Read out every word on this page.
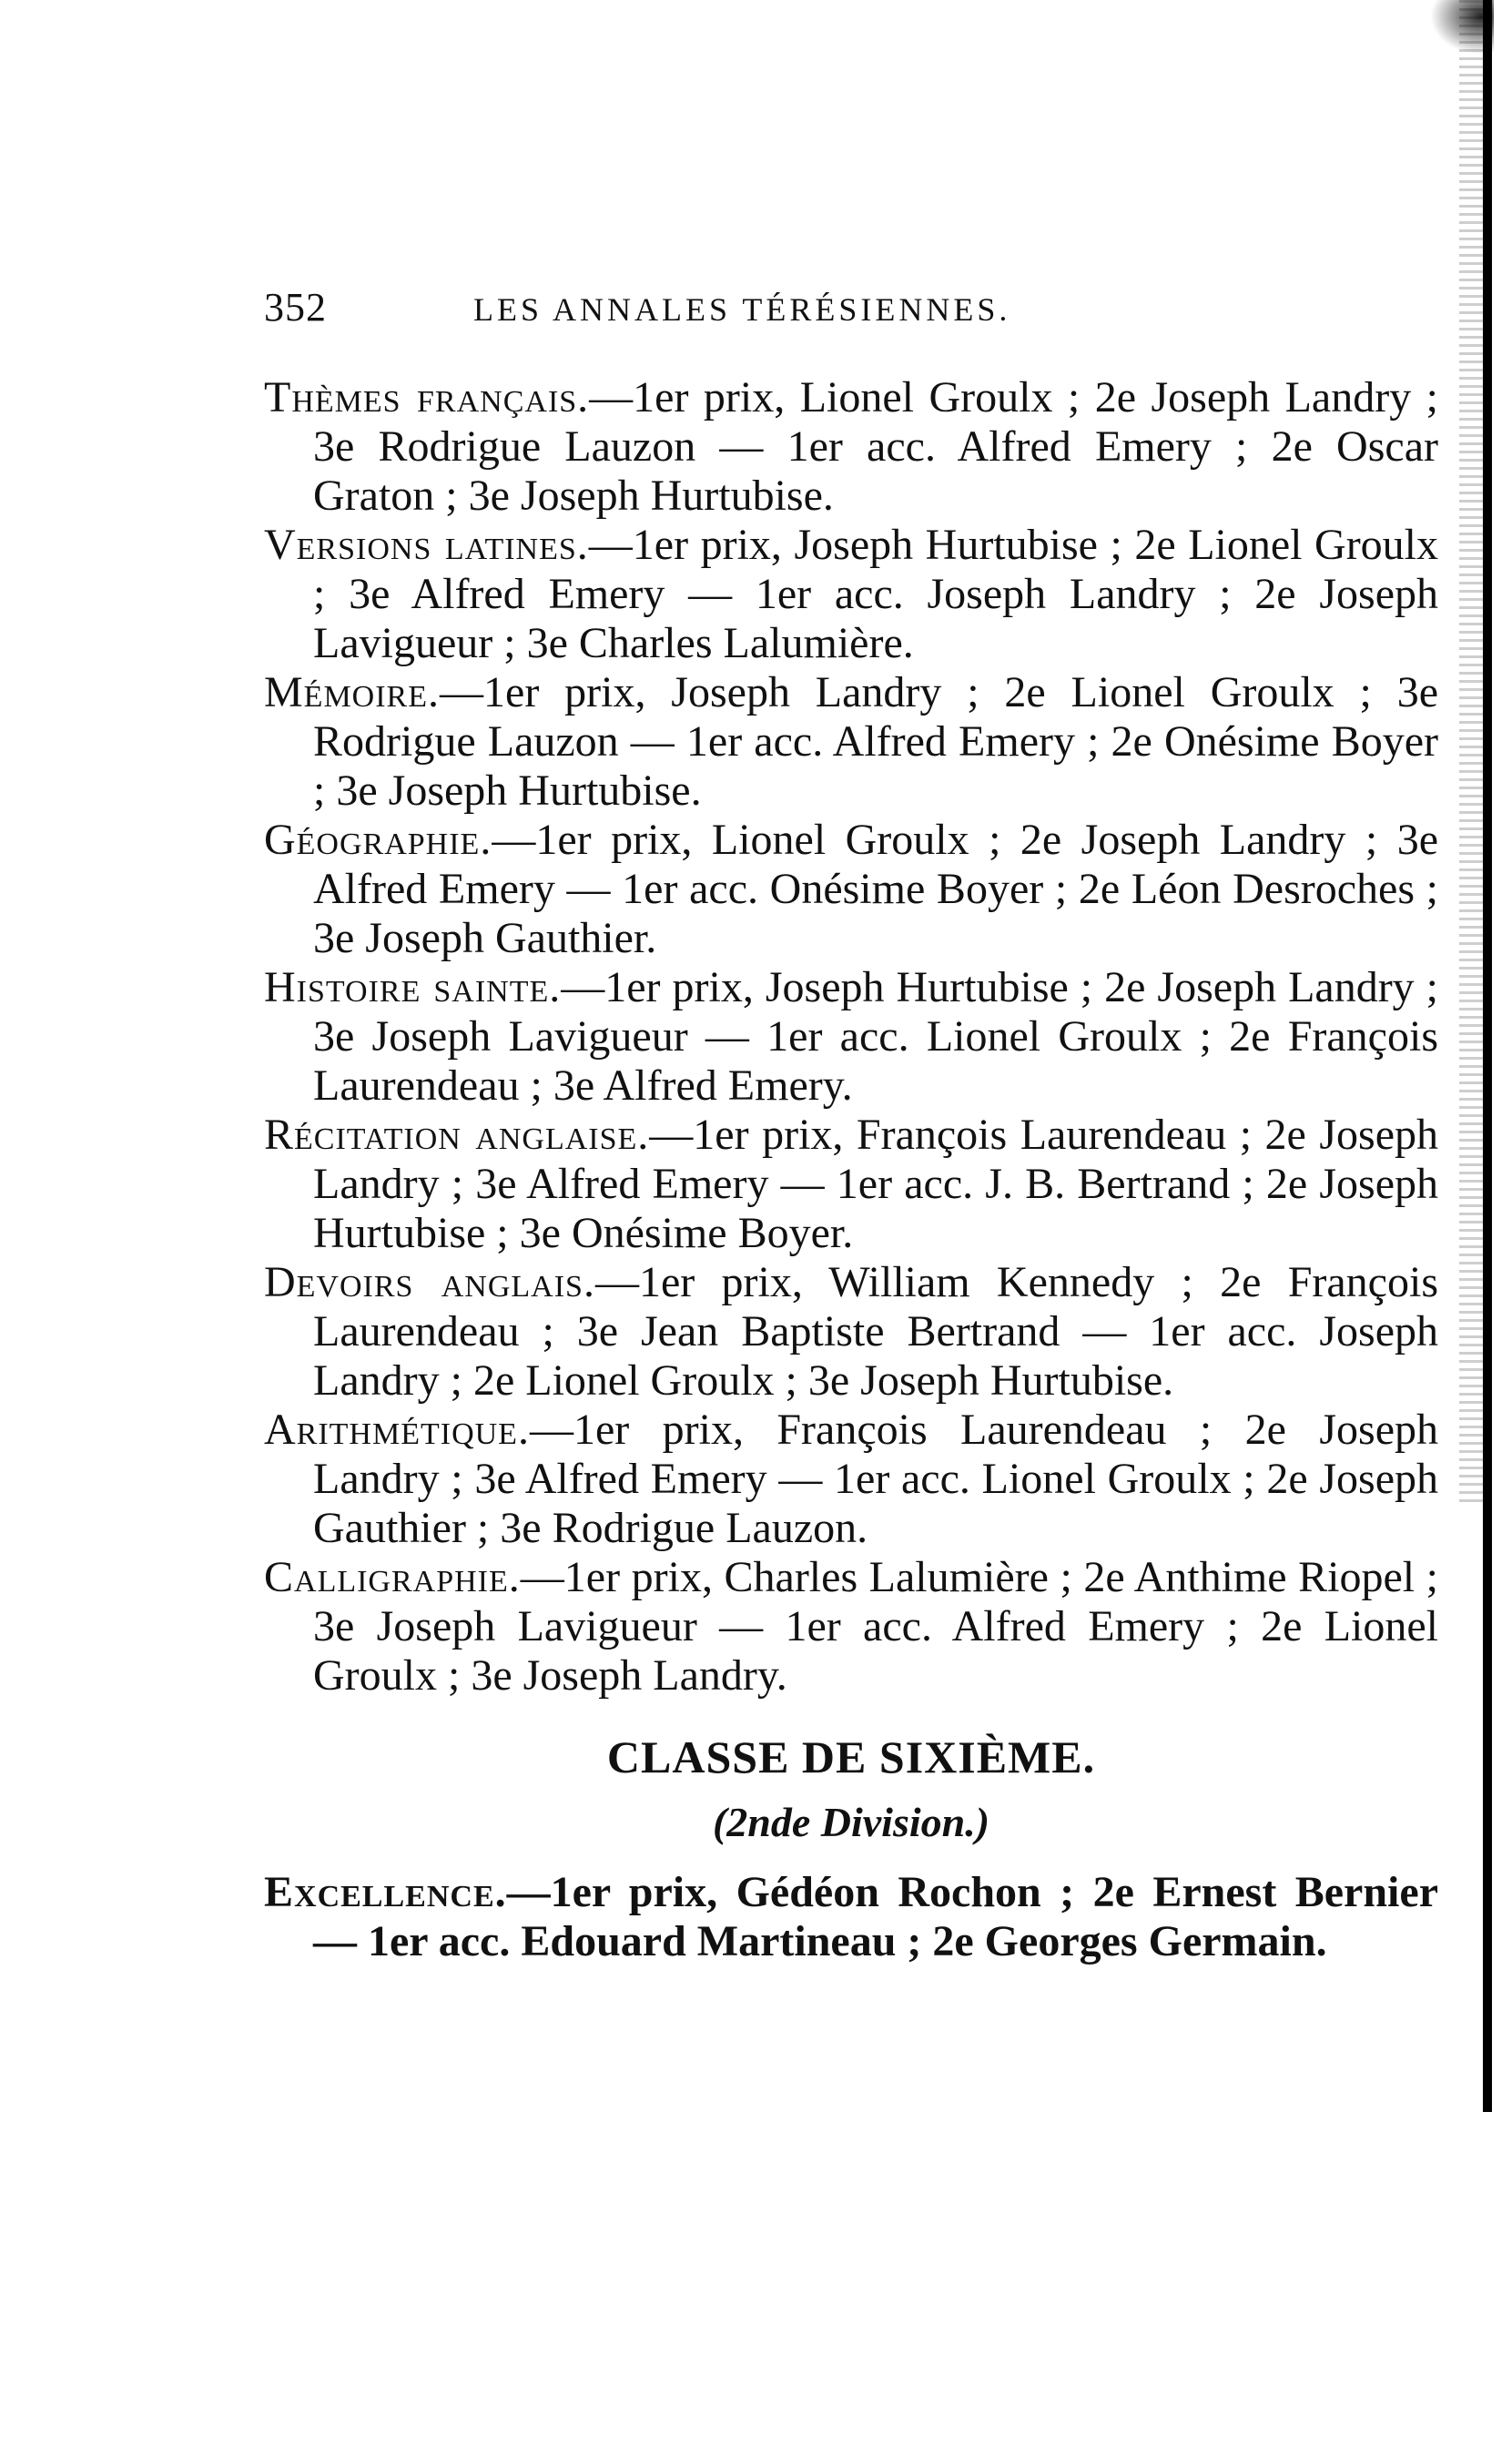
352	LES ANNALES TÉRÉSIENNES.

Thèmes français.—1er prix, Lionel Groulx ; 2e Joseph Landry ; 3e Rodrigue Lauzon — 1er acc. Alfred Emery ; 2e Oscar Graton ; 3e Joseph Hurtubise.

Versions latines.—1er prix, Joseph Hurtubise ; 2e Lionel Groulx ; 3e Alfred Emery — 1er acc. Joseph Landry ; 2e Joseph Lavigueur ; 3e Charles Lalumière.

Mémoire.—1er prix, Joseph Landry ; 2e Lionel Groulx ; 3e Rodrigue Lauzon — 1er acc. Alfred Emery ; 2e Onésime Boyer ; 3e Joseph Hurtubise.

Géographie.—1er prix, Lionel Groulx ; 2e Joseph Landry ; 3e Alfred Emery — 1er acc. Onésime Boyer ; 2e Léon Desroches ; 3e Joseph Gauthier.

Histoire sainte.—1er prix, Joseph Hurtubise ; 2e Joseph Landry ; 3e Joseph Lavigueur — 1er acc. Lionel Groulx ; 2e François Laurendeau ; 3e Alfred Emery.

Récitation anglaise.—1er prix, François Laurendeau ; 2e Joseph Landry ; 3e Alfred Emery — 1er acc. J. B. Bertrand ; 2e Joseph Hurtubise ; 3e Onésime Boyer.

Devoirs anglais.—1er prix, William Kennedy ; 2e François Laurendeau ; 3e Jean Baptiste Bertrand — 1er acc. Joseph Landry ; 2e Lionel Groulx ; 3e Joseph Hurtubise.

Arithmétique.—1er prix, François Laurendeau ; 2e Joseph Landry ; 3e Alfred Emery — 1er acc. Lionel Groulx ; 2e Joseph Gauthier ; 3e Rodrigue Lauzon.

Calligraphie.—1er prix, Charles Lalumière ; 2e Anthime Riopel ; 3e Joseph Lavigueur — 1er acc. Alfred Emery ; 2e Lionel Groulx ; 3e Joseph Landry.

CLASSE DE SIXIÈME.
(2nde Division.)

Excellence.—1er prix, Gédéon Rochon ; 2e Ernest Bernier — 1er acc. Edouard Martineau ; 2e Georges Germain.
